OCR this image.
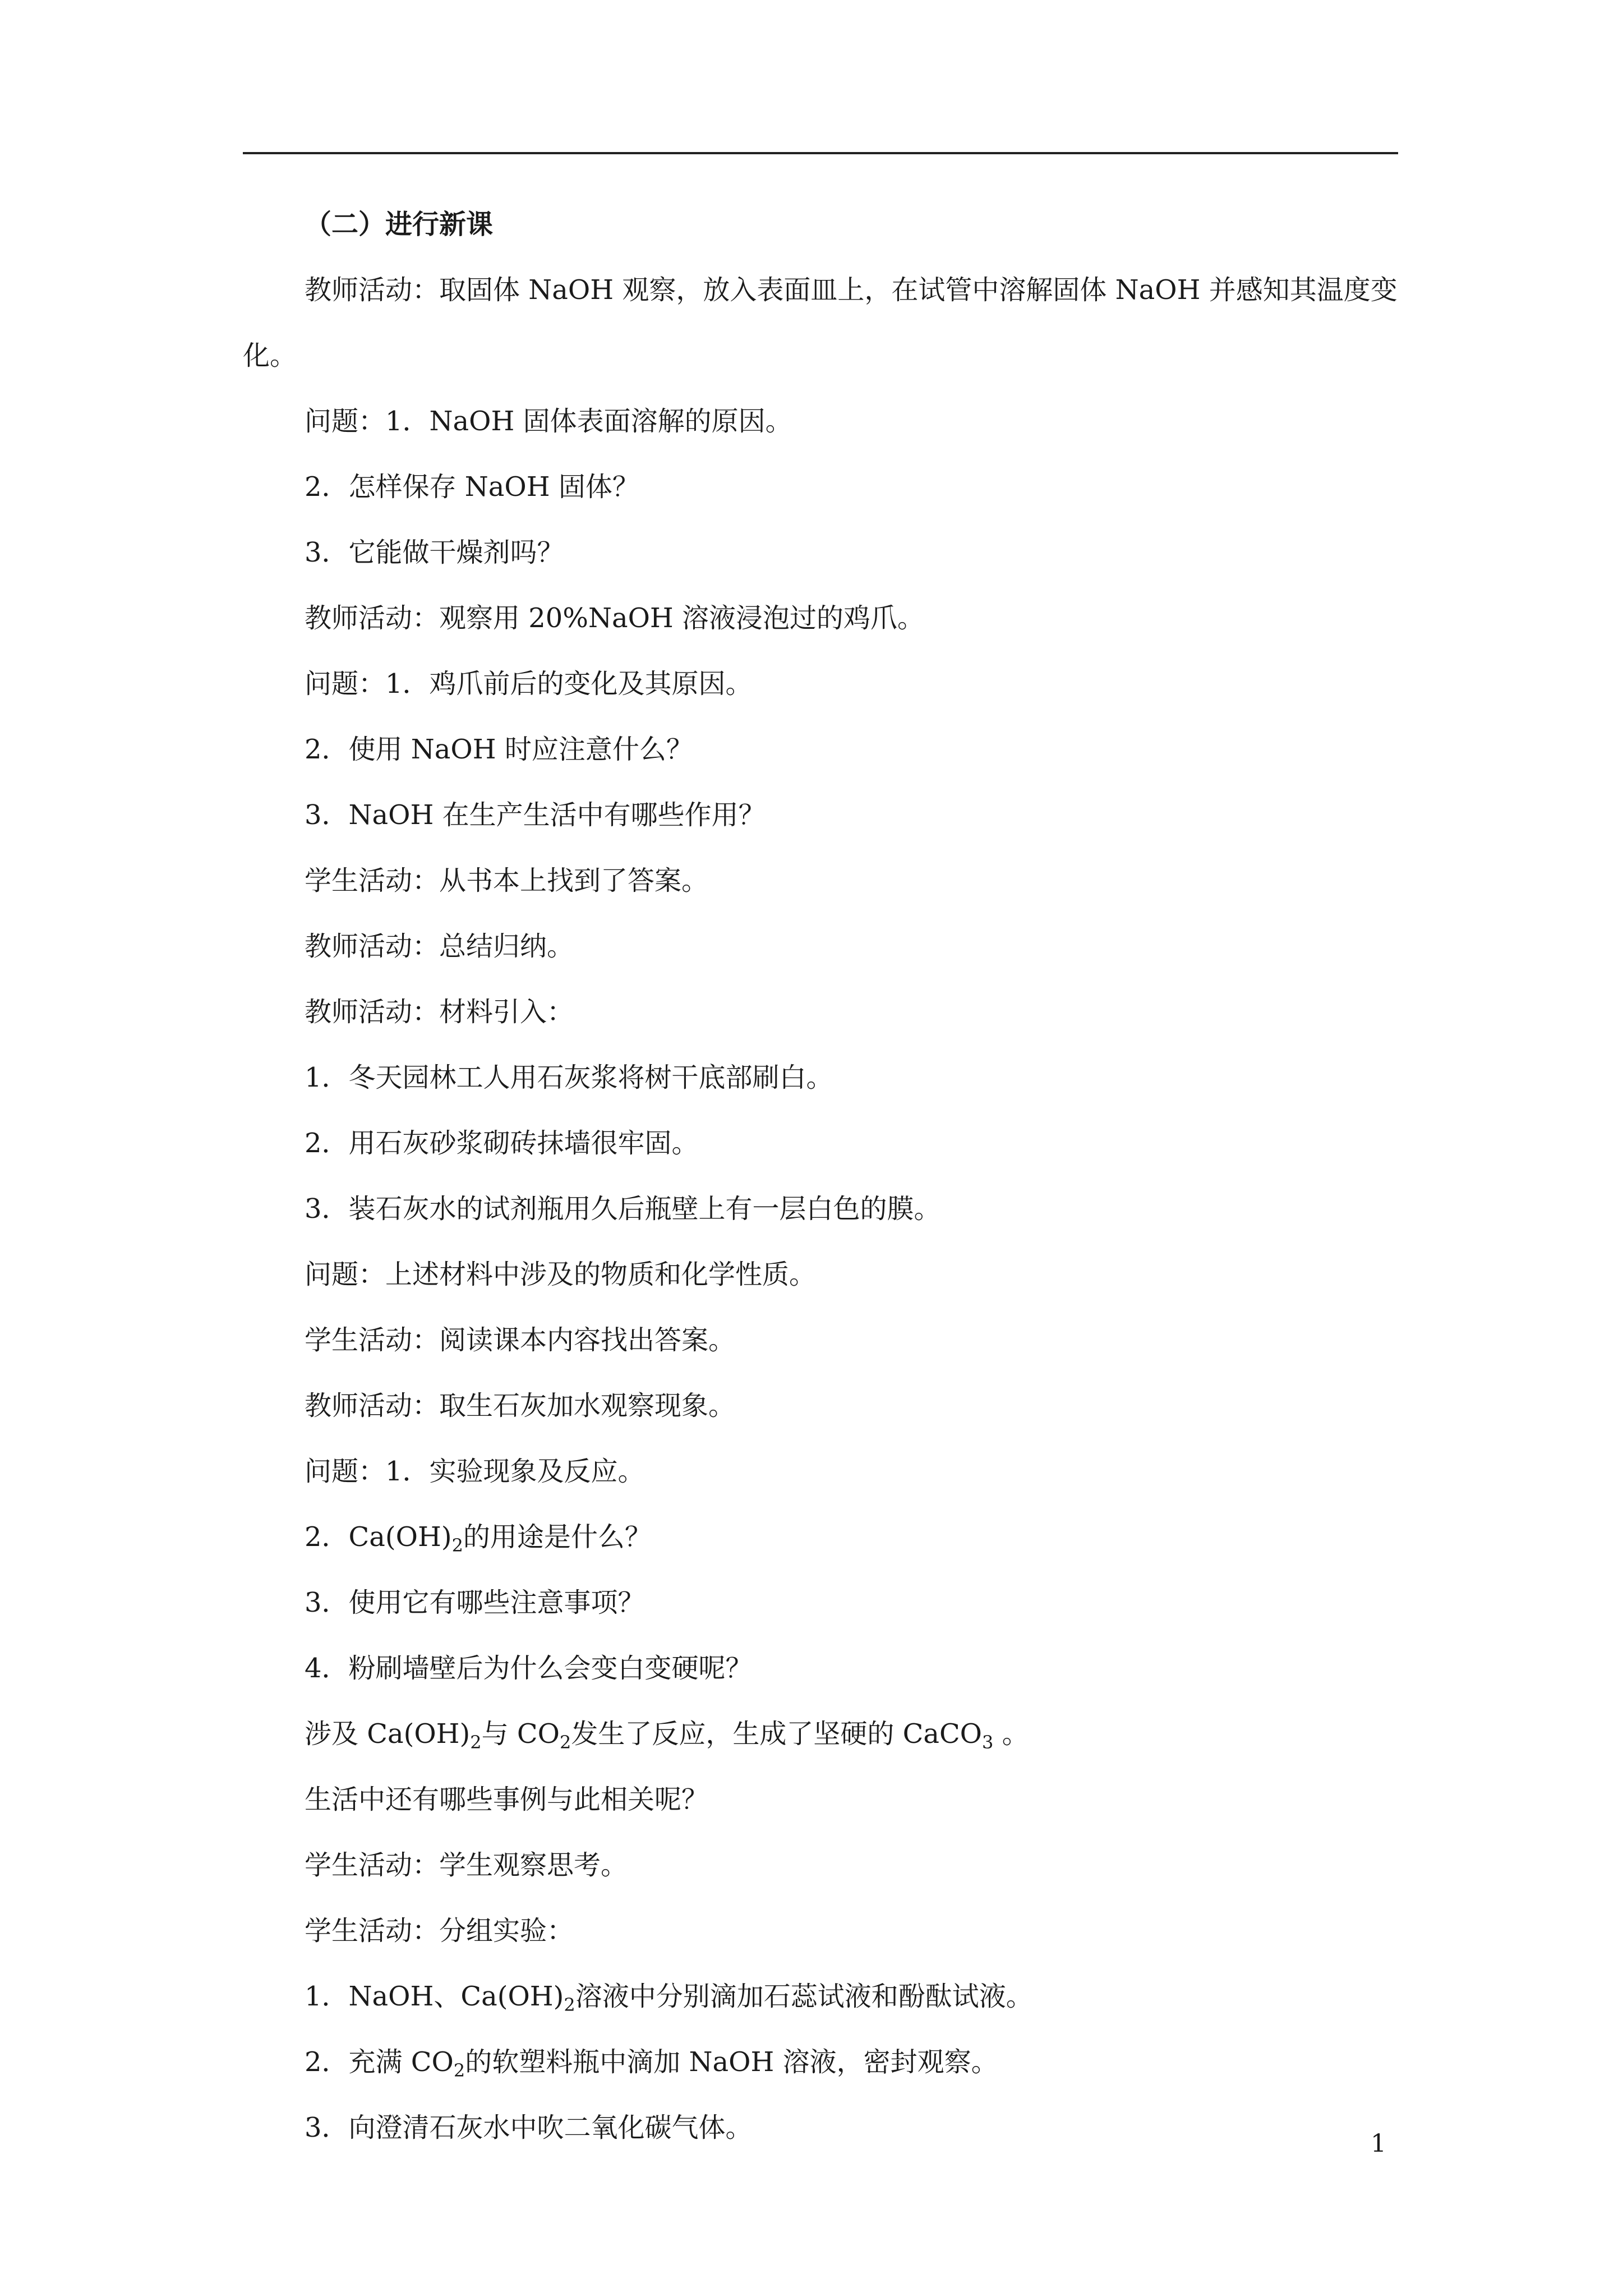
（二）进行新课
教师活动：取固体 NaOH 观察，放入表面皿上，在试管中溶解固体 NaOH 并感知其温度变
化。
问题：1．NaOH 固体表面溶解的原因。
2．怎样保存 NaOH 固体？
3．它能做干燥剂吗？
教师活动：观察用 20%NaOH 溶液浸泡过的鸡爪。
问题：1．鸡爪前后的变化及其原因。
2．使用 NaOH 时应注意什么？
3．NaOH 在生产生活中有哪些作用？
学生活动：从书本上找到了答案。
教师活动：总结归纳。
教师活动：材料引入：
1．冬天园林工人用石灰浆将树干底部刷白。
2．用石灰砂浆砌砖抹墙很牢固。
3．装石灰水的试剂瓶用久后瓶壁上有一层白色的膜。
问题：上述材料中涉及的物质和化学性质。
学生活动：阅读课本内容找出答案。
教师活动：取生石灰加水观察现象。
问题：1．实验现象及反应。
2．$Ca(OH)_2$的用途是什么？
3．使用它有哪些注意事项？
4．粉刷墙壁后为什么会变白变硬呢？
涉及 $Ca(OH)_2$与 $CO_2$发生了反应，生成了坚硬的 CaCO$_3$ 。
生活中还有哪些事例与此相关呢？
学生活动：学生观察思考。
学生活动：分组实验：
1．NaOH、$Ca(OH)_2$溶液中分别滴加石蕊试液和酚酞试液。
2．充满 $CO_2$的软塑料瓶中滴加 NaOH 溶液，密封观察。
3．向澄清石灰水中吹二氧化碳气体。
1
